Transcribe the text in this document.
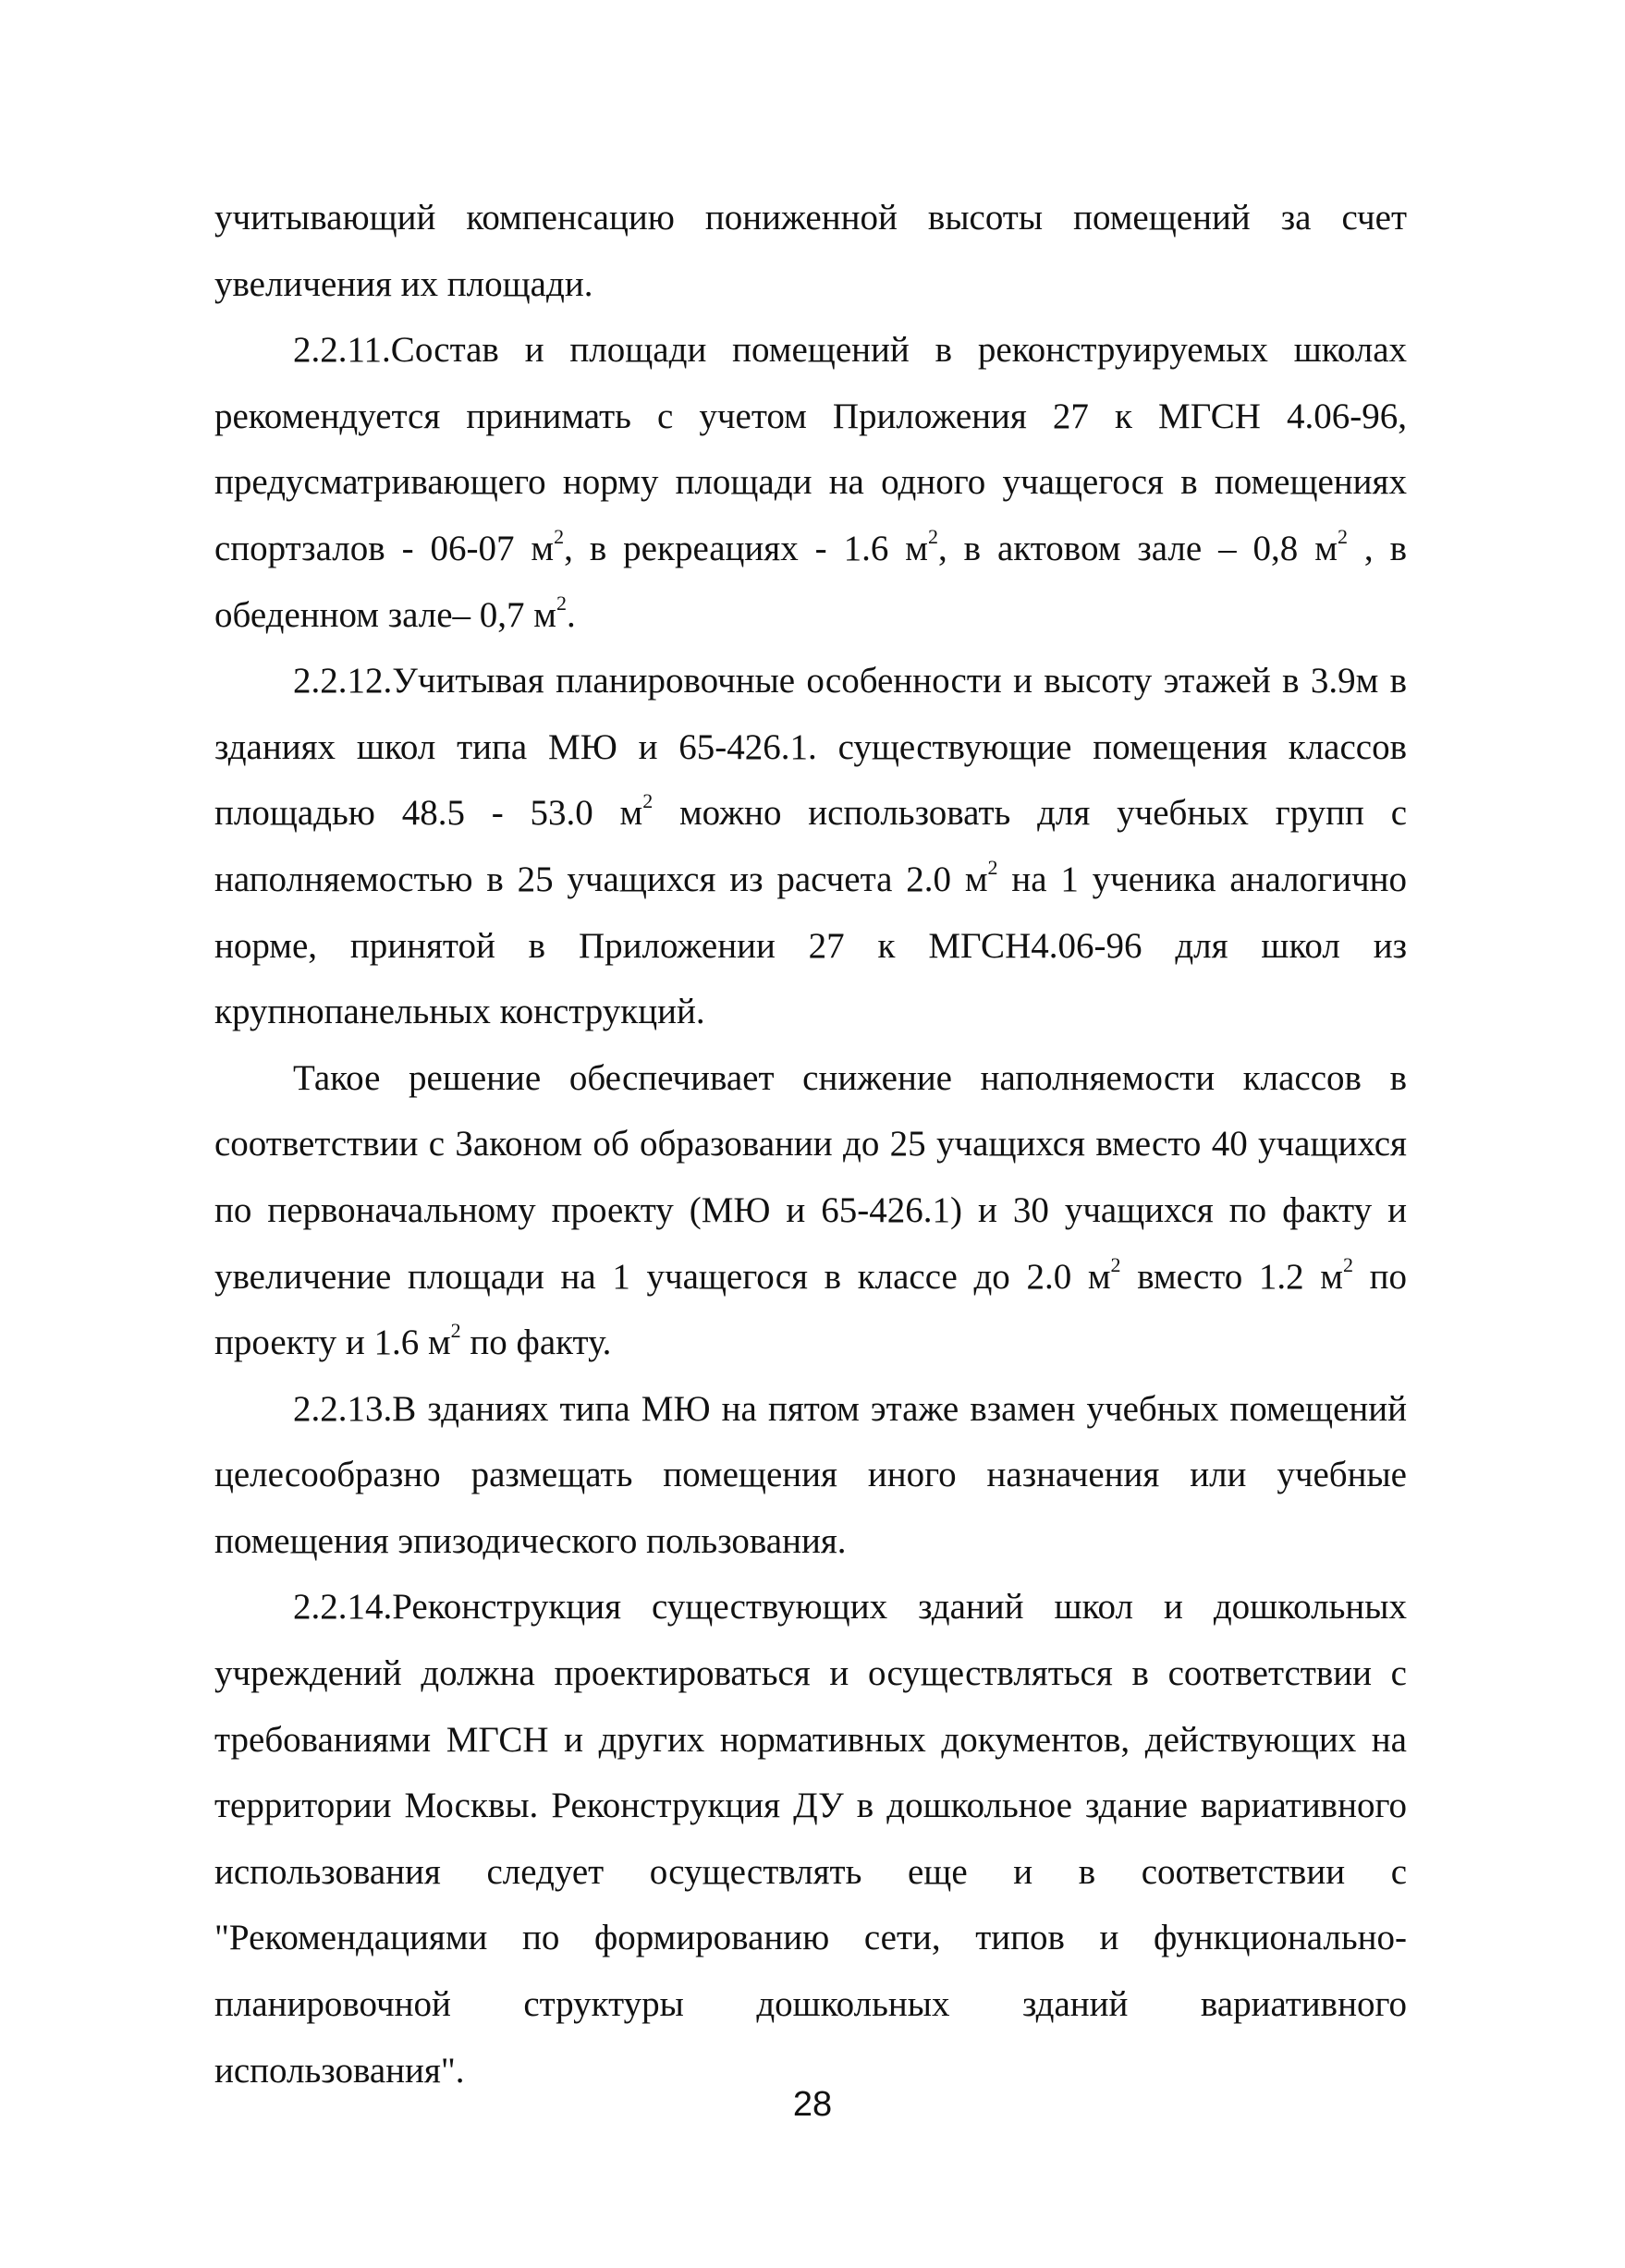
учитывающий компенсацию пониженной высоты помещений за счет увеличения их площади.

2.2.11.Состав и площади помещений в реконструируемых школах рекомендуется принимать с учетом Приложения 27 к МГСН 4.06-96, предусматривающего норму площади на одного учащегося в помещениях спортзалов - 06-07 $м^2$, в рекреациях - 1.6 $м^2$, в актовом зале – 0,8 $м^2$ , в обеденном зале– 0,7 $м^2$.

2.2.12.Учитывая планировочные особенности и высоту этажей в 3.9м в зданиях школ типа МЮ и 65-426.1. существующие помещения классов площадью 48.5 - 53.0 $м^2$ можно использовать для учебных групп с наполняемостью в 25 учащихся из расчета 2.0 $м^2$ на 1 ученика аналогично норме, принятой в Приложении 27 к МГСН4.06-96 для школ из крупнопанельных конструкций.

Такое решение обеспечивает снижение наполняемости классов в соответствии с Законом об образовании до 25 учащихся вместо 40 учащихся по первоначальному проекту (МЮ и 65-426.1) и 30 учащихся по факту и увеличение площади на 1 учащегося в классе до 2.0 $м^2$ вместо 1.2 $м^2$ по проекту и 1.6 $м^2$ по факту.

2.2.13.В зданиях типа МЮ на пятом этаже взамен учебных помещений целесообразно размещать помещения иного назначения или учебные помещения эпизодического пользования.

2.2.14.Реконструкция существующих зданий школ и дошкольных учреждений должна проектироваться и осуществляться в соответствии с требованиями МГСН и других нормативных документов, действующих на территории Москвы. Реконструкция ДУ в дошкольное здание вариативного использования следует осуществлять еще и в соответствии с "Рекомендациями по формированию сети, типов и функционально-планировочной структуры дошкольных зданий вариативного использования".

28
